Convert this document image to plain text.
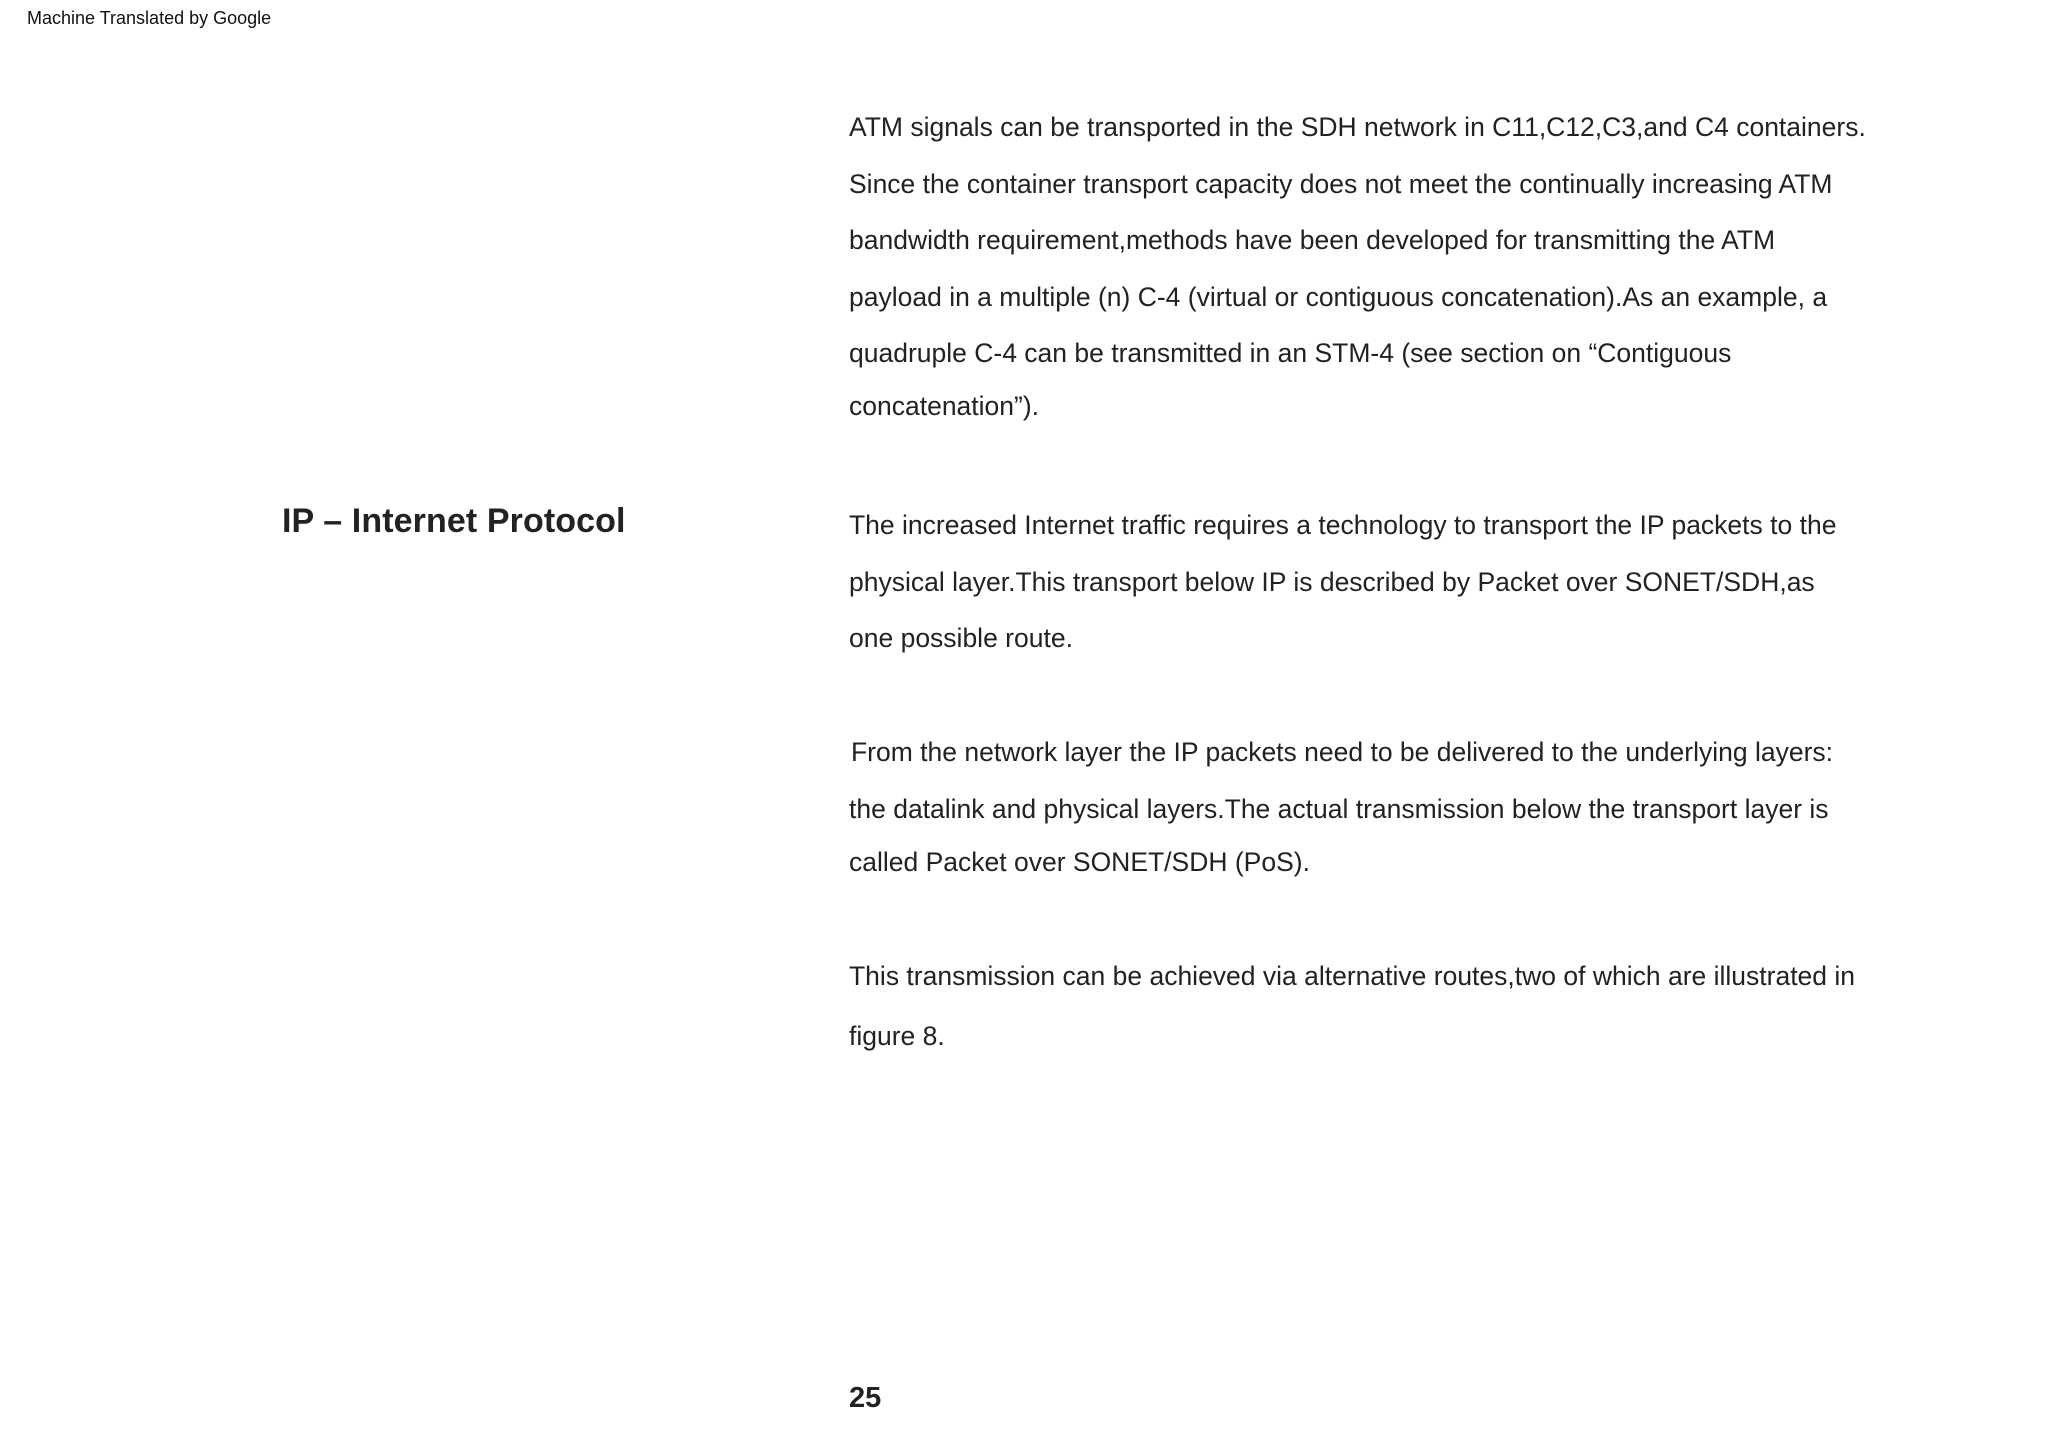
Machine Translated by Google
IP – Internet Protocol
ATM signals can be transported in the SDH network in C11,C12,C3,and C4 containers.
Since the container transport capacity does not meet the continually increasing ATM
bandwidth requirement,methods have been developed for transmitting the ATM
payload in a multiple (n) C-4 (virtual or contiguous concatenation).As an example, a
quadruple C-4 can be transmitted in an STM-4 (see section on “Contiguous
concatenation”).
The increased Internet traffic requires a technology to transport the IP packets to the
physical layer.This transport below IP is described by Packet over SONET/SDH,as
one possible route.
From the network layer the IP packets need to be delivered to the underlying layers:
the datalink and physical layers.The actual transmission below the transport layer is
called Packet over SONET/SDH (PoS).
This transmission can be achieved via alternative routes,two of which are illustrated in
figure 8.
25
